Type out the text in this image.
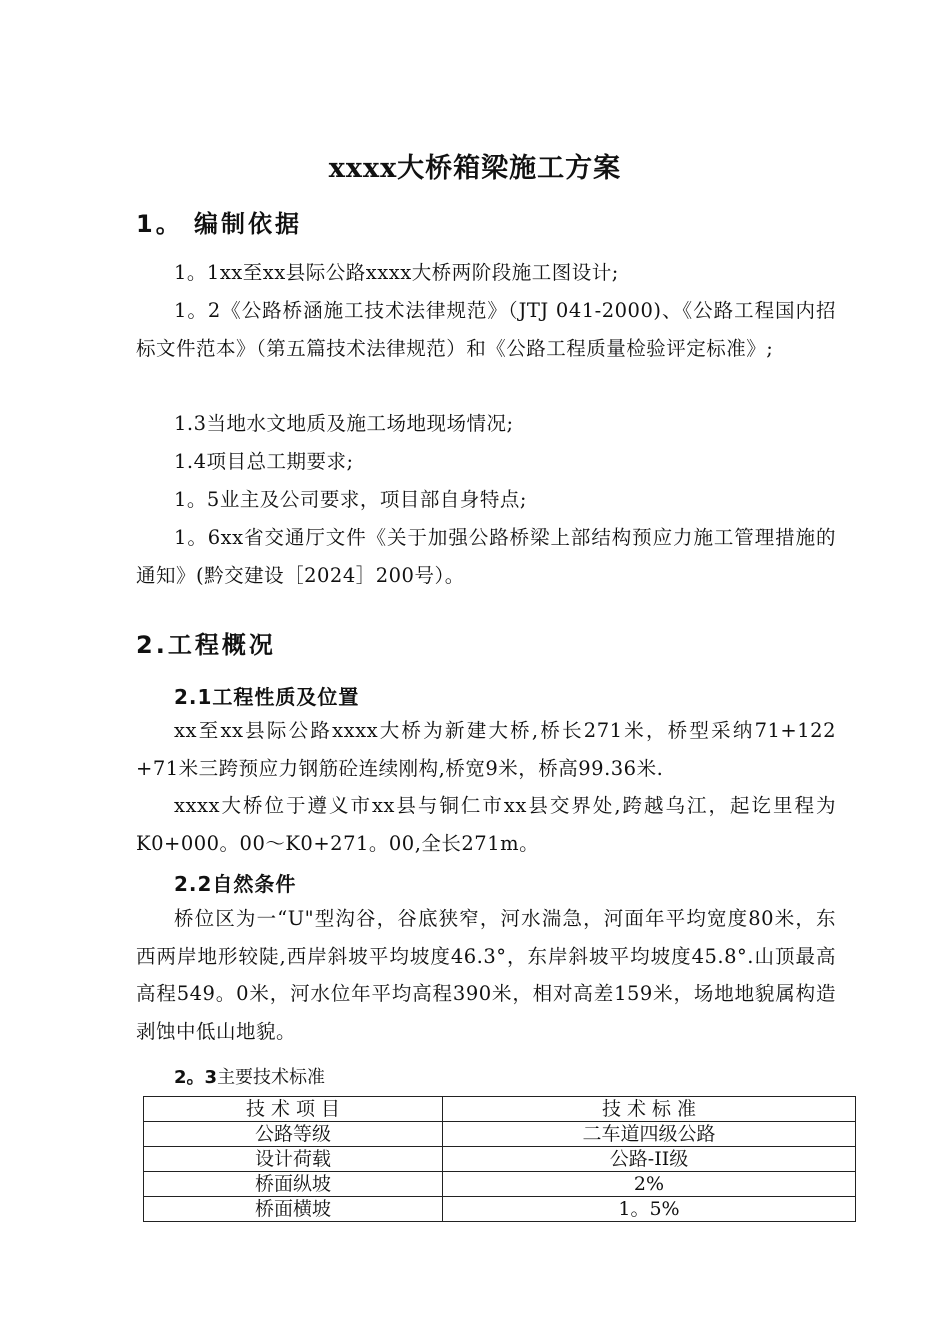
xxxx大桥箱梁施工方案
1。 编制依据
1。1xx至xx县际公路xxxx大桥两阶段施工图设计;
1。2《公路桥涵施工技术法律规范》（JTJ 041-2000)、《公路工程国内招标文件范本》（第五篇技术法律规范）和《公路工程质量检验评定标准》;
1.3当地水文地质及施工场地现场情况;
1.4项目总工期要求;
1。5业主及公司要求，项目部自身特点;
1。6xx省交通厅文件《关于加强公路桥梁上部结构预应力施工管理措施的通知》(黔交建设［2024］200号）。
2.工程概况
2.1工程性质及位置
xx至xx县际公路xxxx大桥为新建大桥,桥长271米，桥型采纳71+122 +71米三跨预应力钢筋砼连续刚构,桥宽9米，桥高99.36米.
xxxx大桥位于遵义市xx县与铜仁市xx县交界处,跨越乌江，起讫里程为K0+000。00～K0+271。00,全长271m。
2.2自然条件
桥位区为一“U"型沟谷，谷底狭窄，河水湍急，河面年平均宽度80米，东西两岸地形较陡,西岸斜坡平均坡度46.3°，东岸斜坡平均坡度45.8°.山顶最高高程549。0米，河水位年平均高程390米，相对高差159米，场地地貌属构造剥蚀中低山地貌。
2。3主要技术标准
技 术 项 目	技 术 标 准
公路等级	二车道四级公路
设计荷载	公路-II级
桥面纵坡	2%
桥面横坡	1。5%
